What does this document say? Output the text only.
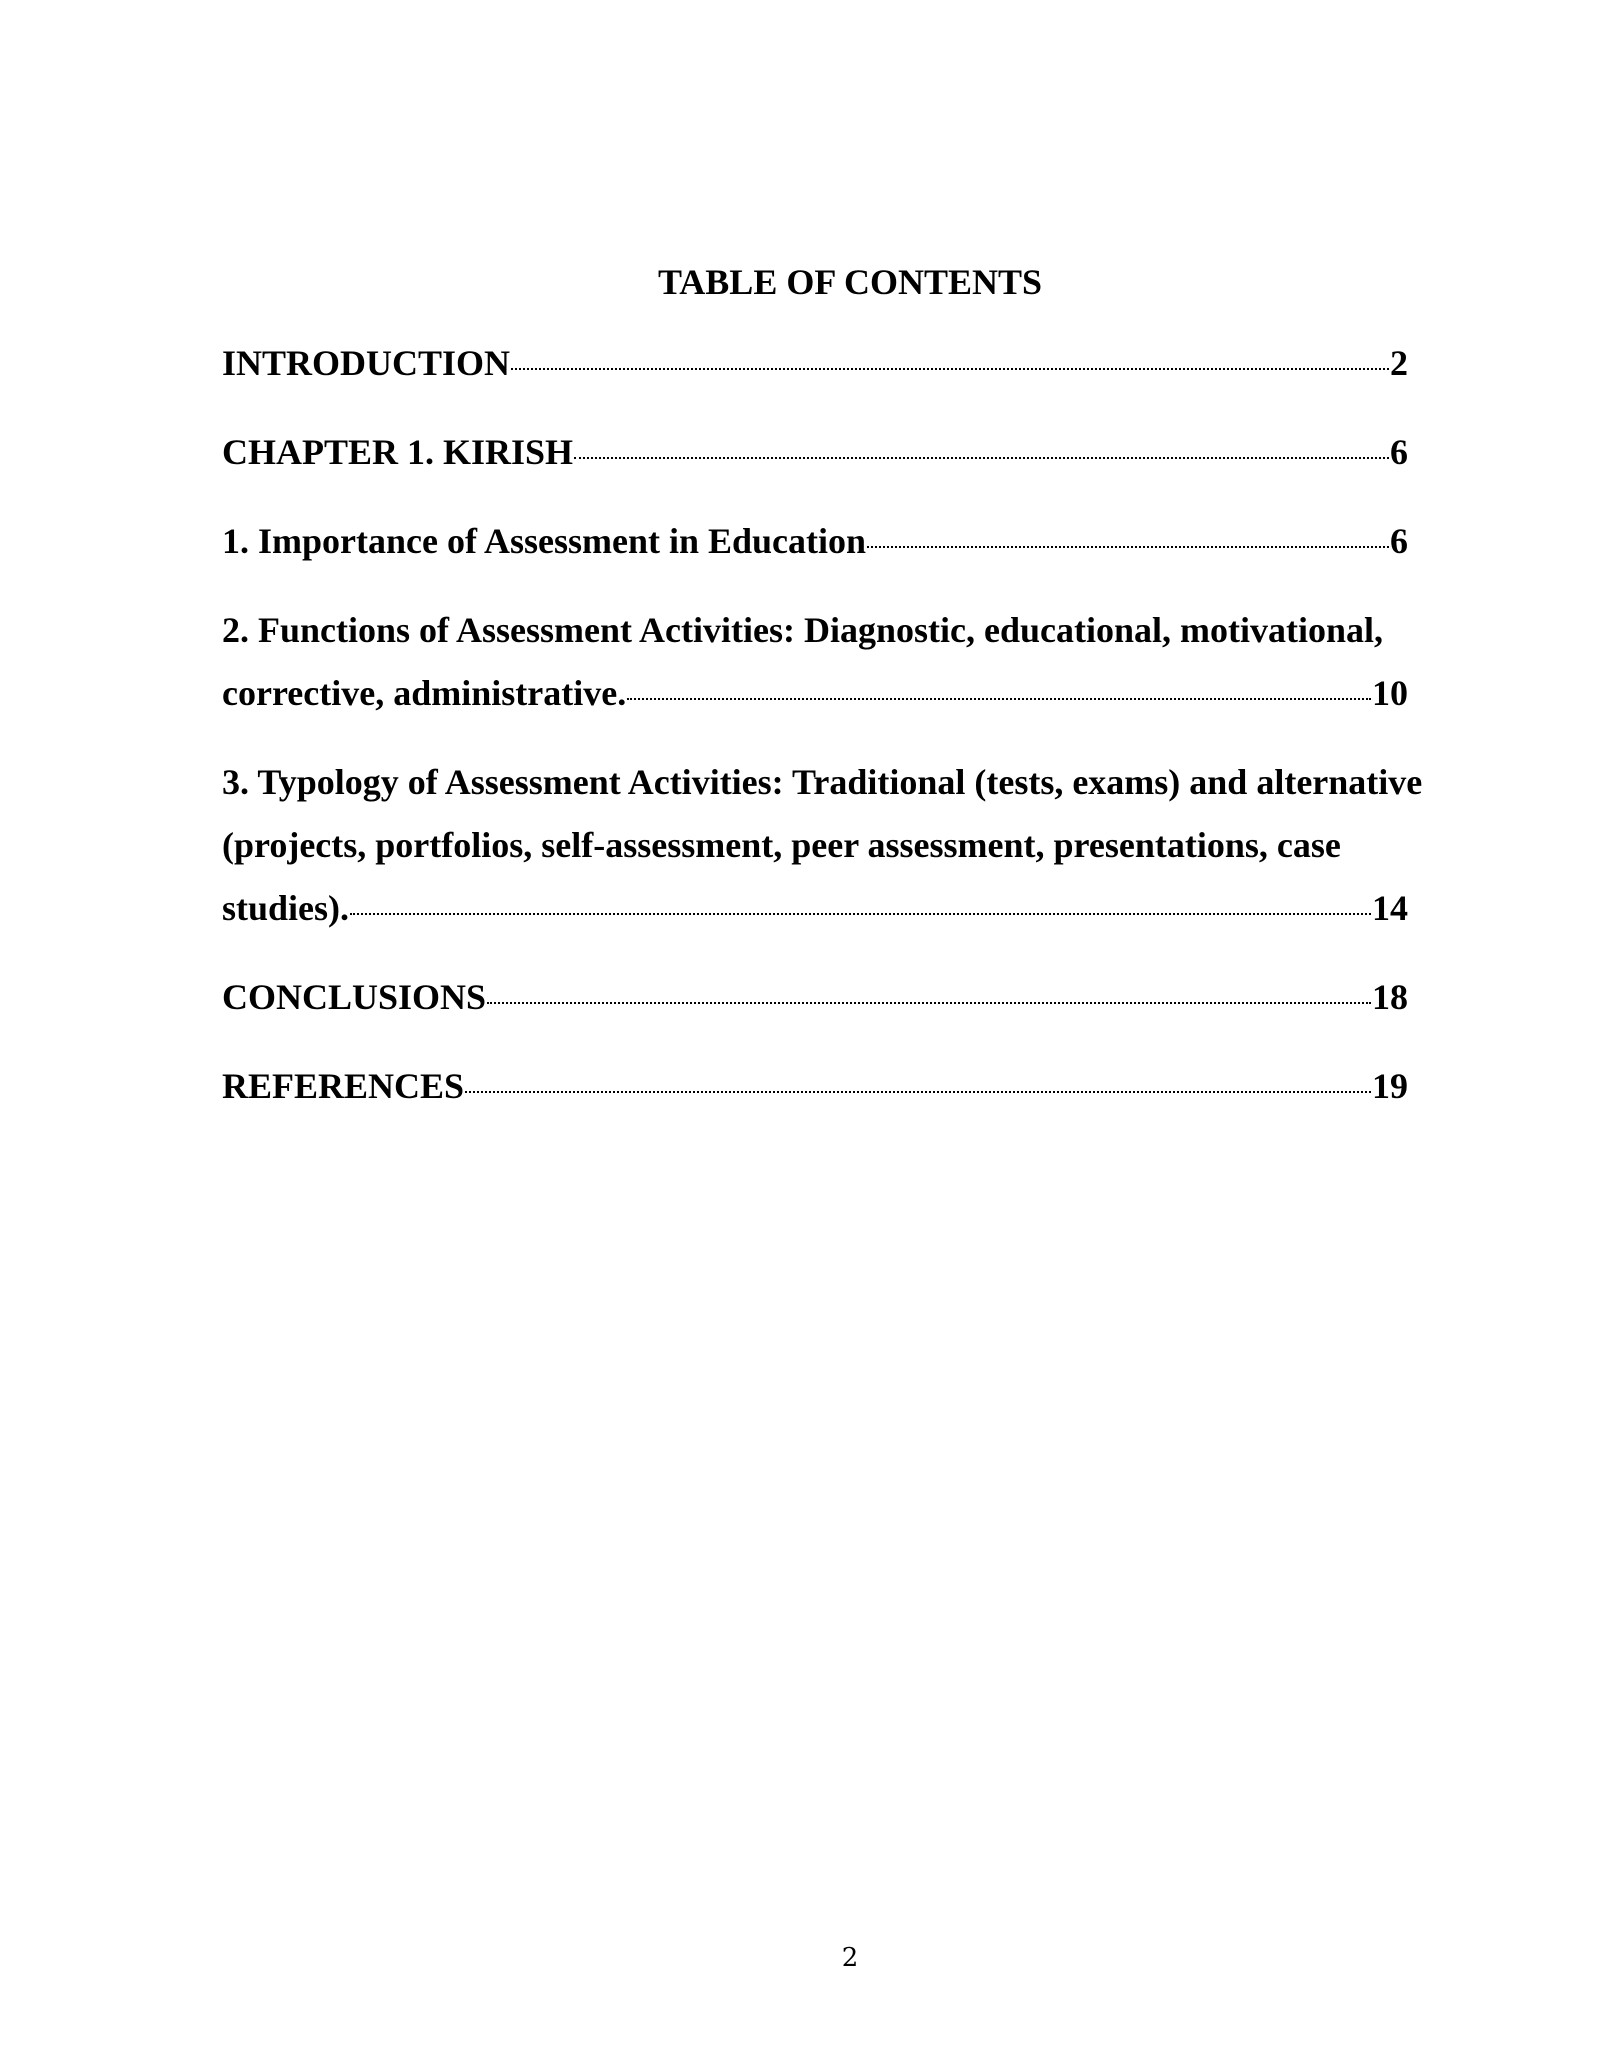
TABLE OF CONTENTS
INTRODUCTION	2
CHAPTER 1. KIRISH	6
1. Importance of Assessment in Education	6
2. Functions of Assessment Activities: Diagnostic, educational, motivational,
corrective, administrative.	10
3. Typology of Assessment Activities: Traditional (tests, exams) and alternative
(projects, portfolios, self-assessment, peer assessment, presentations, case
studies).	14
CONCLUSIONS	18
REFERENCES	19
2
